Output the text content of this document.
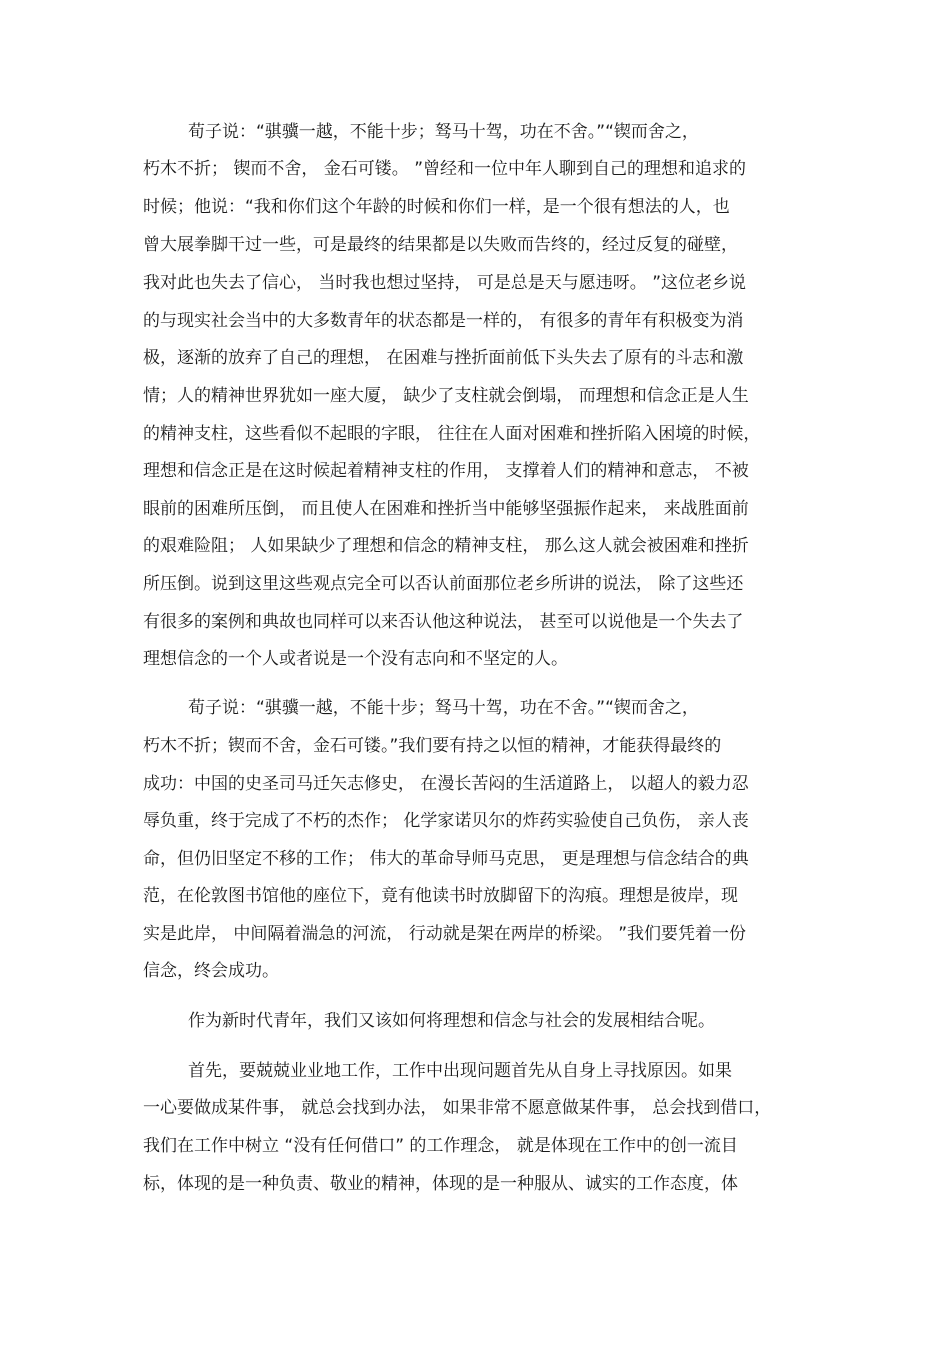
荀子说：“骐骥一越，不能十步；驽马十驾，功在不舍。”“锲而舍之，
朽木不折； 锲而不舍， 金石可镂。 ”曾经和一位中年人聊到自己的理想和追求的
时候；他说：“我和你们这个年龄的时候和你们一样，是一个很有想法的人，也
曾大展拳脚干过一些，可是最终的结果都是以失败而告终的，经过反复的碰壁，
我对此也失去了信心， 当时我也想过坚持， 可是总是天与愿违呀。 ”这位老乡说
的与现实社会当中的大多数青年的状态都是一样的， 有很多的青年有积极变为消
极，逐渐的放弃了自己的理想， 在困难与挫折面前低下头失去了原有的斗志和激
情；人的精神世界犹如一座大厦， 缺少了支柱就会倒塌， 而理想和信念正是人生
的精神支柱，这些看似不起眼的字眼， 往往在人面对困难和挫折陷入困境的时候，
理想和信念正是在这时候起着精神支柱的作用， 支撑着人们的精神和意志， 不被
眼前的困难所压倒， 而且使人在困难和挫折当中能够坚强振作起来， 来战胜面前
的艰难险阻； 人如果缺少了理想和信念的精神支柱， 那么这人就会被困难和挫折
所压倒。说到这里这些观点完全可以否认前面那位老乡所讲的说法， 除了这些还
有很多的案例和典故也同样可以来否认他这种说法， 甚至可以说他是一个失去了
理想信念的一个人或者说是一个没有志向和不坚定的人。
荀子说：“骐骥一越，不能十步；驽马十驾，功在不舍。”“锲而舍之，
朽木不折；锲而不舍，金石可镂。”我们要有持之以恒的精神，才能获得最终的
成功：中国的史圣司马迁矢志修史， 在漫长苦闷的生活道路上， 以超人的毅力忍
辱负重，终于完成了不朽的杰作； 化学家诺贝尔的炸药实验使自己负伤， 亲人丧
命，但仍旧坚定不移的工作； 伟大的革命导师马克思， 更是理想与信念结合的典
范，在伦敦图书馆他的座位下，竟有他读书时放脚留下的沟痕。理想是彼岸，现
实是此岸， 中间隔着湍急的河流， 行动就是架在两岸的桥梁。 ”我们要凭着一份
信念，终会成功。
作为新时代青年，我们又该如何将理想和信念与社会的发展相结合呢。
首先，要兢兢业业地工作，工作中出现问题首先从自身上寻找原因。如果
一心要做成某件事， 就总会找到办法， 如果非常不愿意做某件事， 总会找到借口，
我们在工作中树立 “没有任何借口” 的工作理念， 就是体现在工作中的创一流目
标，体现的是一种负责、敬业的精神，体现的是一种服从、诚实的工作态度，体
